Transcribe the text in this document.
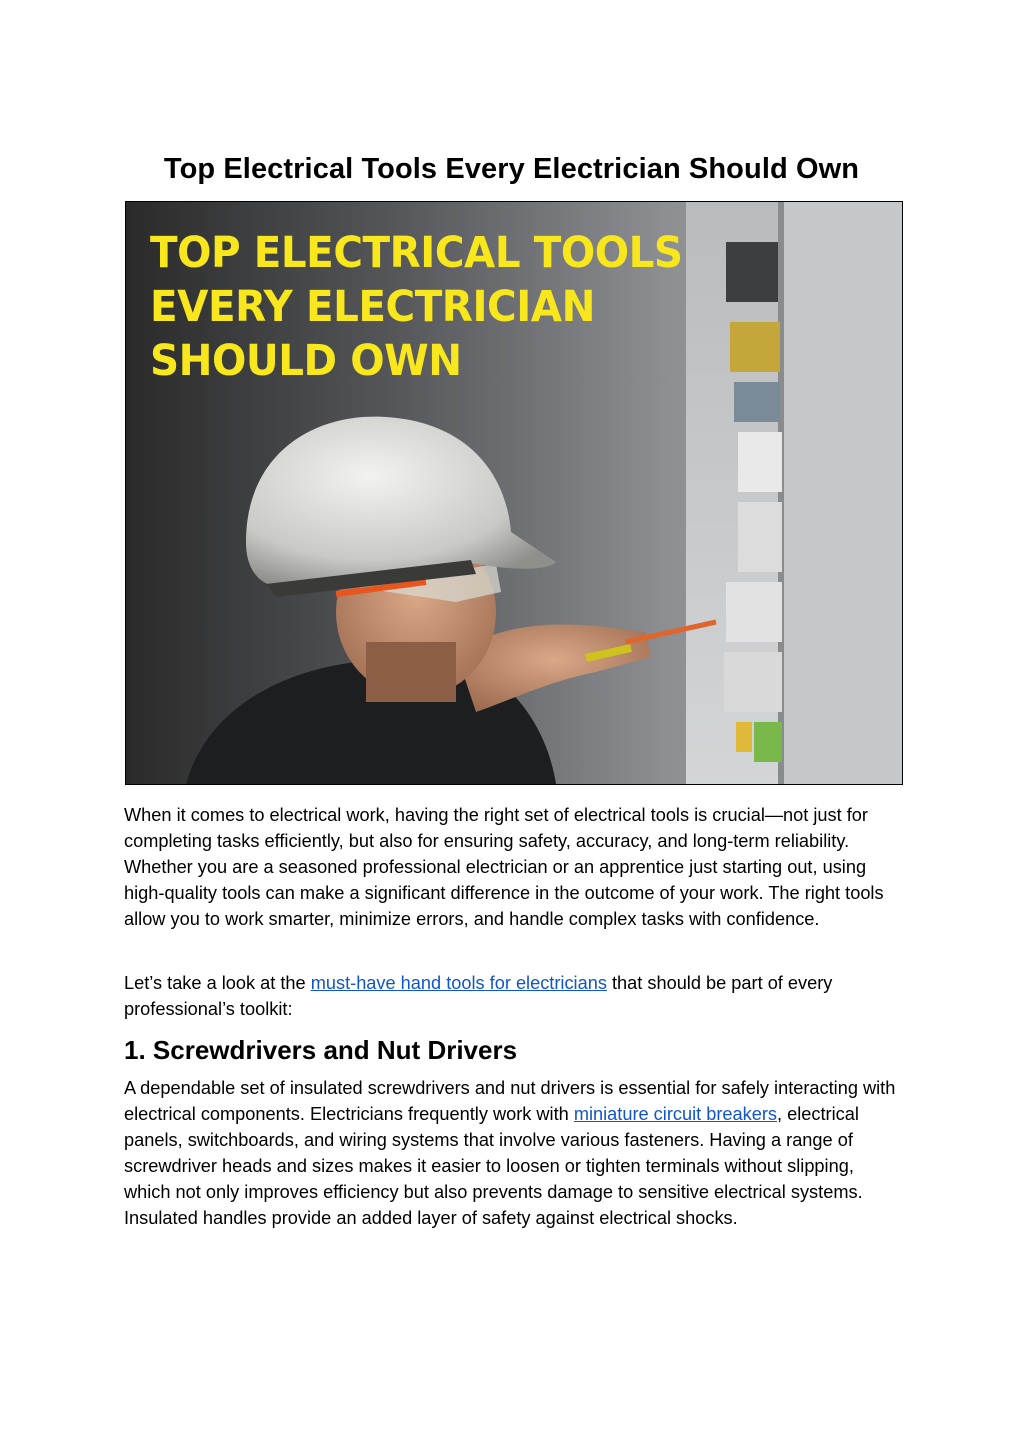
Top Electrical Tools Every Electrician Should Own
TOP ELECTRICAL TOOLS
EVERY ELECTRICIAN
SHOULD OWN

When it comes to electrical work, having the right set of electrical tools is crucial—not just for completing tasks efficiently, but also for ensuring safety, accuracy, and long-term reliability. Whether you are a seasoned professional electrician or an apprentice just starting out, using high-quality tools can make a significant difference in the outcome of your work. The right tools allow you to work smarter, minimize errors, and handle complex tasks with confidence.

Let’s take a look at the must-have hand tools for electricians that should be part of every professional’s toolkit:

1. Screwdrivers and Nut Drivers

A dependable set of insulated screwdrivers and nut drivers is essential for safely interacting with electrical components. Electricians frequently work with miniature circuit breakers, electrical panels, switchboards, and wiring systems that involve various fasteners. Having a range of screwdriver heads and sizes makes it easier to loosen or tighten terminals without slipping, which not only improves efficiency but also prevents damage to sensitive electrical systems. Insulated handles provide an added layer of safety against electrical shocks.
